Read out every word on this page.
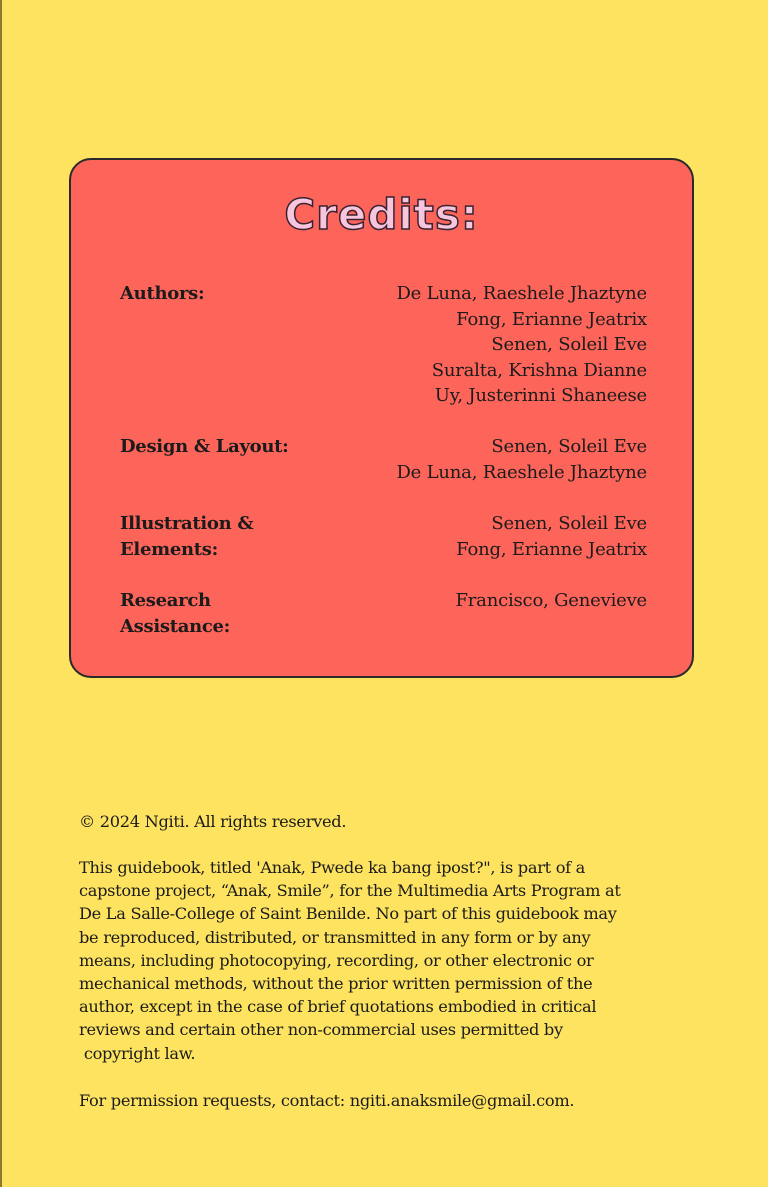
Credits:
Authors:	De Luna, Raeshele Jhaztyne
Fong, Erianne Jeatrix
Senen, Soleil Eve
Suralta, Krishna Dianne
Uy, Justerinni Shaneese
Design & Layout:	Senen, Soleil Eve
De Luna, Raeshele Jhaztyne
Illustration &
Elements:
Senen, Soleil Eve
Fong, Erianne Jeatrix
Research
Assistance:
Francisco, Genevieve
© 2024 Ngiti. All rights reserved.
This guidebook, titled 'Anak, Pwede ka bang ipost?", is part of a
capstone project, “Anak, Smile”, for the Multimedia Arts Program at
De La Salle-College of Saint Benilde. No part of this guidebook may
be reproduced, distributed, or transmitted in any form or by any
means, including photocopying, recording, or other electronic or
mechanical methods, without the prior written permission of the
author, except in the case of brief quotations embodied in critical
reviews and certain other non-commercial uses permitted by
copyright law.
For permission requests, contact: ngiti.anaksmile@gmail.com.
